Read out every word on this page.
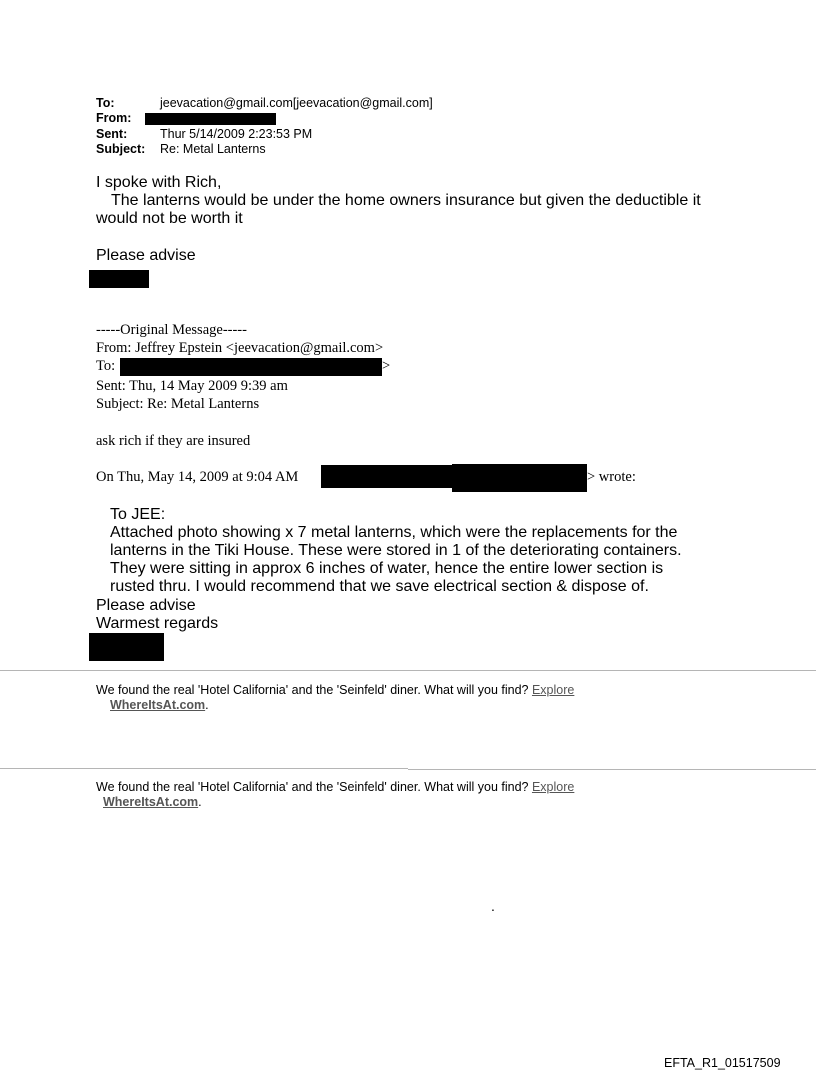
To:	jeevacation@gmail.com[jeevacation@gmail.com]
From:
Sent:	Thur 5/14/2009 2:23:53 PM
Subject: Re: Metal Lanterns
I spoke with Rich,
The lanterns would be under the home owners insurance but given the deductible it
would not be worth it
Please advise
-----Original Message-----
From: Jeffrey Epstein <jeevacation@gmail.com>
To:	>
Sent: Thu, 14 May 2009 9:39 am
Subject: Re: Metal Lanterns
ask rich if they are insured
On Thu, May 14, 2009 at 9:04 AM	> wrote:
To JEE:
Attached photo showing x 7 metal lanterns, which were the replacements for the
lanterns in the Tiki House. These were stored in 1 of the deteriorating containers.
They were sitting in approx 6 inches of water, hence the entire lower section is
rusted thru. I would recommend that we save electrical section & dispose of.
Please advise
Warmest regards
We found the real 'Hotel California' and the 'Seinfeld' diner. What will you find? Explore
WhereItsAt.com.
We found the real 'Hotel California' and the 'Seinfeld' diner. What will you find? Explore
WhereItsAt.com.
.
EFTA_R1_01517509
